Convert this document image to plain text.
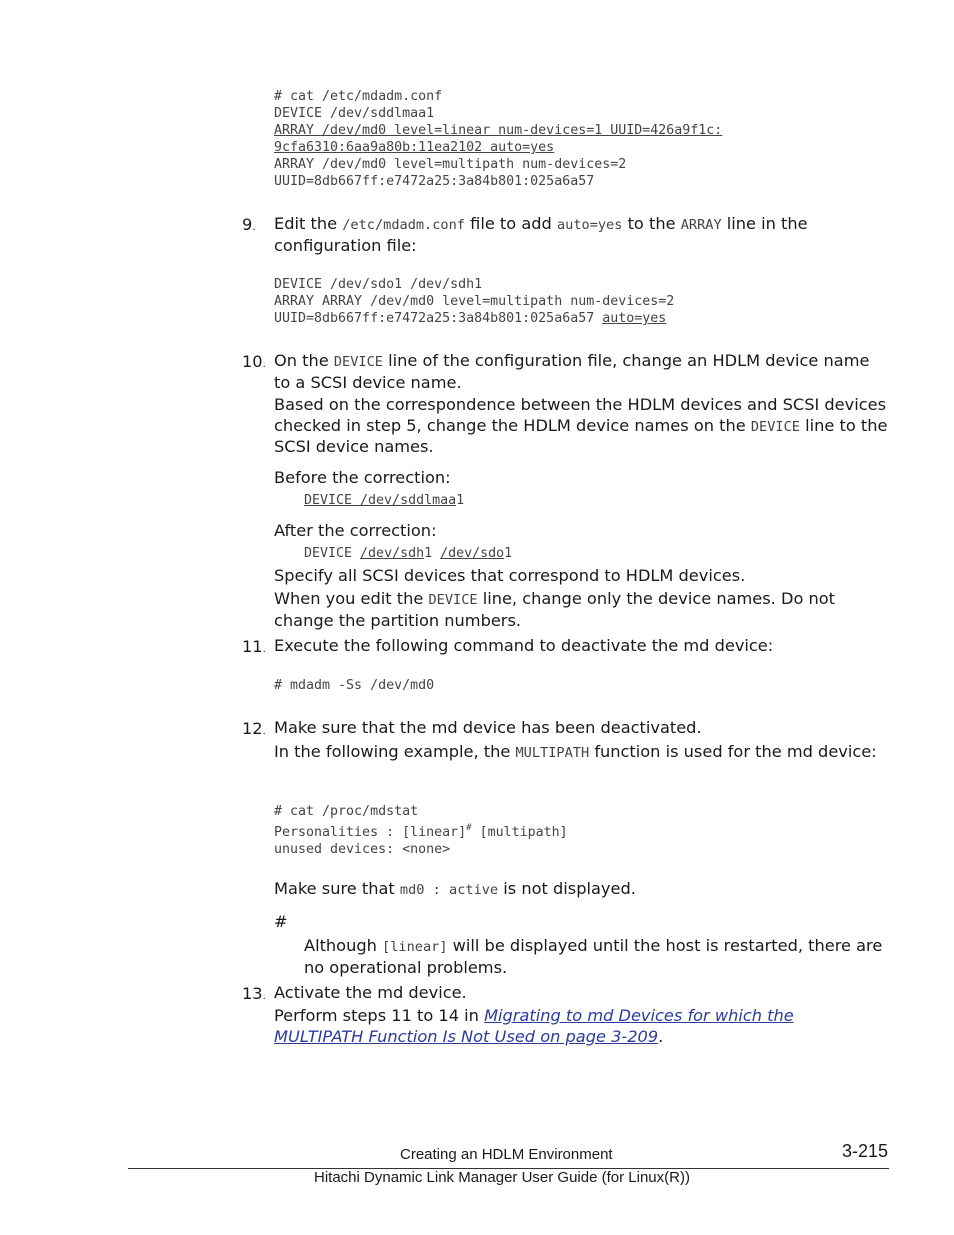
# cat /etc/mdadm.conf
DEVICE /dev/sddlmaa1
ARRAY /dev/md0 level=linear num-devices=1 UUID=426a9f1c:
9cfa6310:6aa9a80b:11ea2102 auto=yes
ARRAY /dev/md0 level=multipath num-devices=2
UUID=8db667ff:e7472a25:3a84b801:025a6a57
9. Edit the /etc/mdadm.conf file to add auto=yes to the ARRAY line in the configuration file:
DEVICE /dev/sdo1 /dev/sdh1
ARRAY ARRAY /dev/md0 level=multipath num-devices=2
UUID=8db667ff:e7472a25:3a84b801:025a6a57 auto=yes
10. On the DEVICE line of the configuration file, change an HDLM device name to a SCSI device name.
Based on the correspondence between the HDLM devices and SCSI devices checked in step 5, change the HDLM device names on the DEVICE line to the SCSI device names.
Before the correction:
DEVICE /dev/sddlmaa1
After the correction:
DEVICE /dev/sdh1 /dev/sdo1
Specify all SCSI devices that correspond to HDLM devices.
When you edit the DEVICE line, change only the device names. Do not change the partition numbers.
11. Execute the following command to deactivate the md device:
# mdadm -Ss /dev/md0
12. Make sure that the md device has been deactivated.
In the following example, the MULTIPATH function is used for the md device:
# cat /proc/mdstat
Personalities : [linear]# [multipath]
unused devices: <none>
Make sure that md0 : active is not displayed.
#
Although [linear] will be displayed until the host is restarted, there are no operational problems.
13. Activate the md device.
Perform steps 11 to 14 in Migrating to md Devices for which the MULTIPATH Function Is Not Used on page 3-209.
Creating an HDLM Environment	3-215
Hitachi Dynamic Link Manager User Guide (for Linux(R))
